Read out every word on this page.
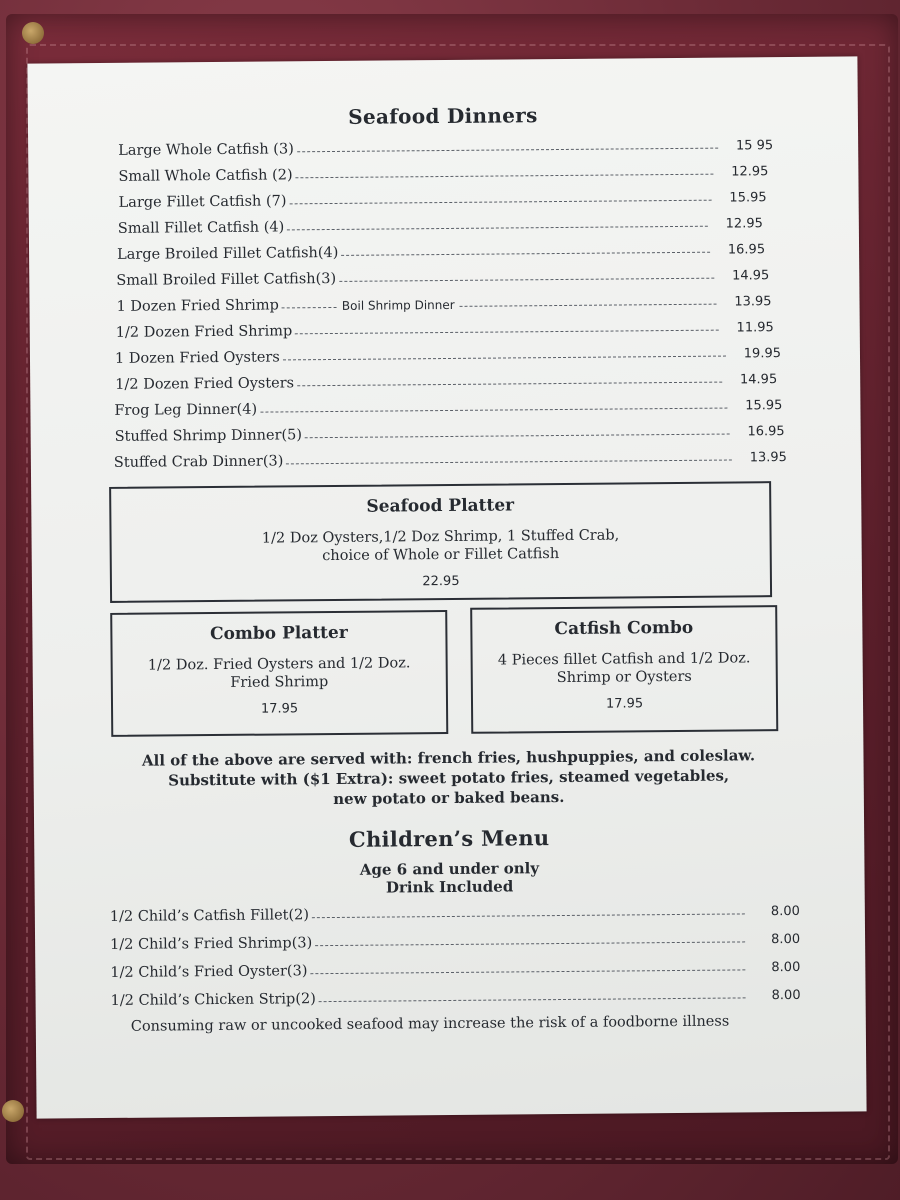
Seafood Dinners
Large Whole Catfish (3)	15 95
Small Whole Catfish (2)	12.95
Large Fillet Catfish (7)	15.95
Small Fillet Catfish (4)	12.95
Large Broiled Fillet Catfish(4)	16.95
Small Broiled Fillet Catfish(3)	14.95
1 Dozen Fried Shrimp	Boil Shrimp Dinner	13.95
1/2 Dozen Fried Shrimp	11.95
1 Dozen Fried Oysters	19.95
1/2 Dozen Fried Oysters	14.95
Frog Leg Dinner(4)	15.95
Stuffed Shrimp Dinner(5)	16.95
Stuffed Crab Dinner(3)	13.95
Seafood Platter
1/2 Doz Oysters,1/2 Doz Shrimp, 1 Stuffed Crab, choice of Whole or Fillet Catfish
22.95
Combo Platter
1/2 Doz. Fried Oysters and 1/2 Doz. Fried Shrimp
17.95
Catfish Combo
4 Pieces fillet Catfish and 1/2 Doz. Shrimp or Oysters
17.95
All of the above are served with: french fries, hushpuppies, and coleslaw.
Substitute with ($1 Extra): sweet potato fries, steamed vegetables,
new potato or baked beans.
Children’s Menu
Age 6 and under only
Drink Included
1/2 Child’s Catfish Fillet(2)	8.00
1/2 Child’s Fried Shrimp(3)	8.00
1/2 Child’s Fried Oyster(3)	8.00
1/2 Child’s Chicken Strip(2)	8.00
Consuming raw or uncooked seafood may increase the risk of a foodborne illness
